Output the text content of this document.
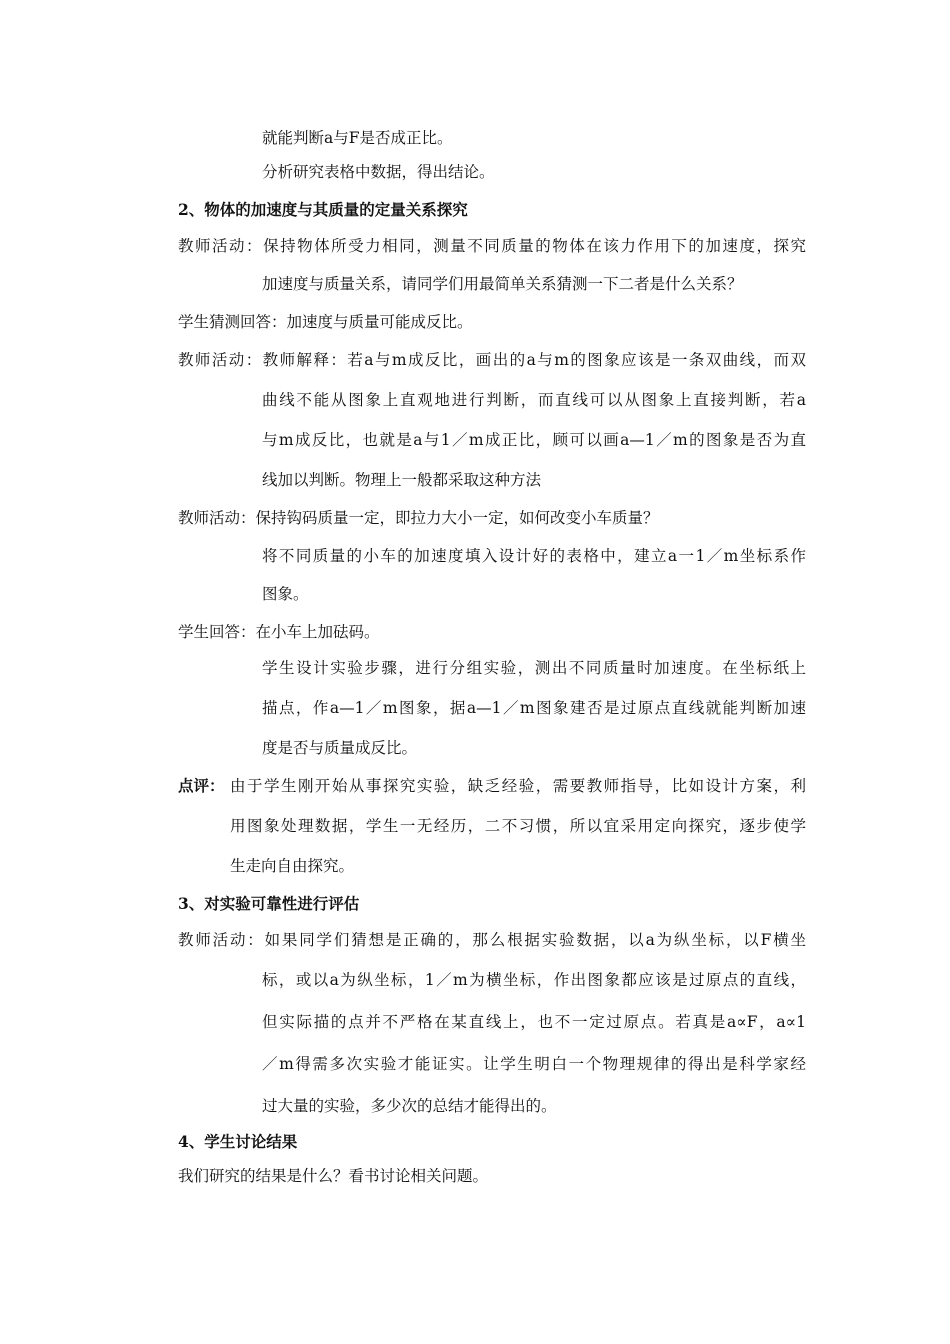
就能判断a与F是否成正比。
分析研究表格中数据，得出结论。
2、物体的加速度与其质量的定量关系探究
教师活动：保持物体所受力相同，测量不同质量的物体在该力作用下的加速度，探究
加速度与质量关系，请同学们用最简单关系猜测一下二者是什么关系？
学生猜测回答：加速度与质量可能成反比。
教师活动：教师解释：若a与m成反比，画出的a与m的图象应该是一条双曲线，而双
曲线不能从图象上直观地进行判断，而直线可以从图象上直接判断，若a
与m成反比，也就是a与1／m成正比，顾可以画a—1／m的图象是否为直
线加以判断。物理上一般都采取这种方法
教师活动：保持钩码质量一定，即拉力大小一定，如何改变小车质量？
将不同质量的小车的加速度填入设计好的表格中，建立a一1／m坐标系作
图象。
学生回答：在小车上加砝码。
学生设计实验步骤，进行分组实验，测出不同质量时加速度。在坐标纸上
描点，作a—1／m图象，据a—1／m图象建否是过原点直线就能判断加速
度是否与质量成反比。
点评： 由于学生刚开始从事探究实验，缺乏经验，需要教师指导，比如设计方案，利
用图象处理数据，学生一无经历，二不习惯，所以宜采用定向探究，逐步使学
生走向自由探究。
3、对实验可靠性进行评估
教师活动：如果同学们猜想是正确的，那么根据实验数据，以a为纵坐标，以F横坐
标，或以a为纵坐标，1／m为横坐标，作出图象都应该是过原点的直线，
但实际描的点并不严格在某直线上，也不一定过原点。若真是a∝F，a∝1
／m得需多次实验才能证实。让学生明白一个物理规律的得出是科学家经
过大量的实验，多少次的总结才能得出的。
4、学生讨论结果
我们研究的结果是什么？看书讨论相关问题。
